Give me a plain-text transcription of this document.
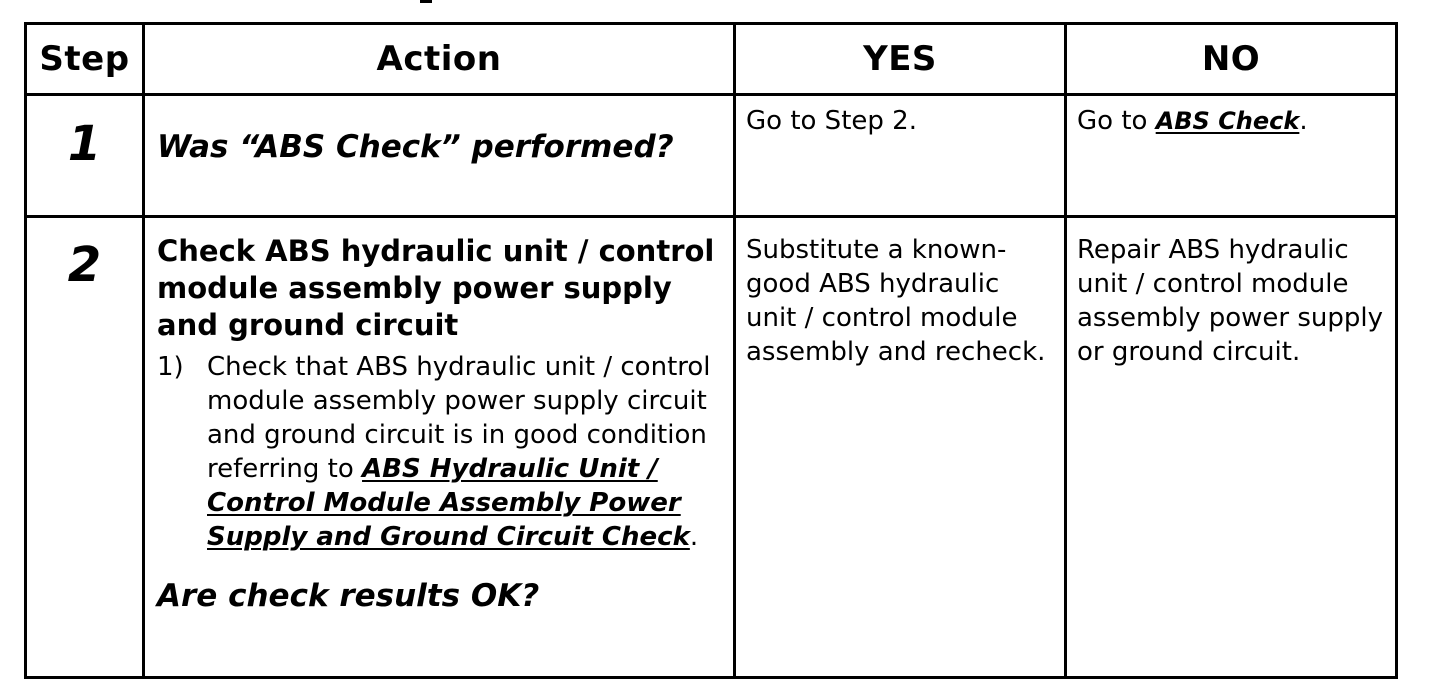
Step	Action	YES	NO

1	Was “ABS Check” performed?	Go to Step 2.	Go to ABS Check.

2	Check ABS hydraulic unit / control module assembly power supply and ground circuit
1) Check that ABS hydraulic unit / control module assembly power supply circuit and ground circuit is in good condition referring to ABS Hydraulic Unit / Control Module Assembly Power Supply and Ground Circuit Check.
Are check results OK?	Substitute a known-good ABS hydraulic unit / control module assembly and recheck.	Repair ABS hydraulic unit / control module assembly power supply or ground circuit.
